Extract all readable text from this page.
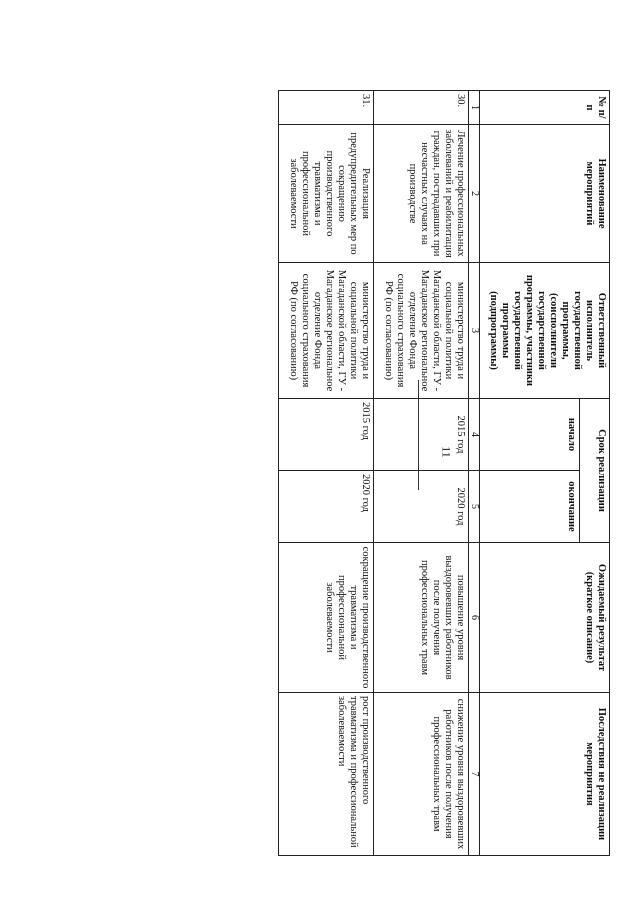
11
№ п/п	Наименование мероприятий	Ответственный исполнитель государственной программы, (соисполнители государственной программы, участники государственной программы (подпрограммы)	Срок реализации		Ожидаемый результат (краткое описание)	Последствия не реализации мероприятия
			начало	окончание		
1	2	3	4	5	6	7
30.	Лечение профессиональных заболеваний и реабилитация граждан, пострадавших при несчастных случаях на производстве	министерство труда и социальной политики Магаданской области, ГУ - Магаданское региональное отделение Фонда социального страхования РФ (по согласованию)	2015 год	2020 год	повышение уровня выздоровевших работников после получения профессиональных травм	снижение уровня выздоровевших работников после получения профессиональных травм
31.	Реализация предупредительных мер по сокращению производственного травматизма и профессиональной заболеваемости	министерство труда и социальной политики Магаданской области, ГУ - Магаданское региональное отделение Фонда социального страхования РФ (по согласованию)	2015 год	2020 год	сокращение производственного травматизма и профессиональной заболеваемости	рост производственного травматизма и профессиональной заболеваемости
